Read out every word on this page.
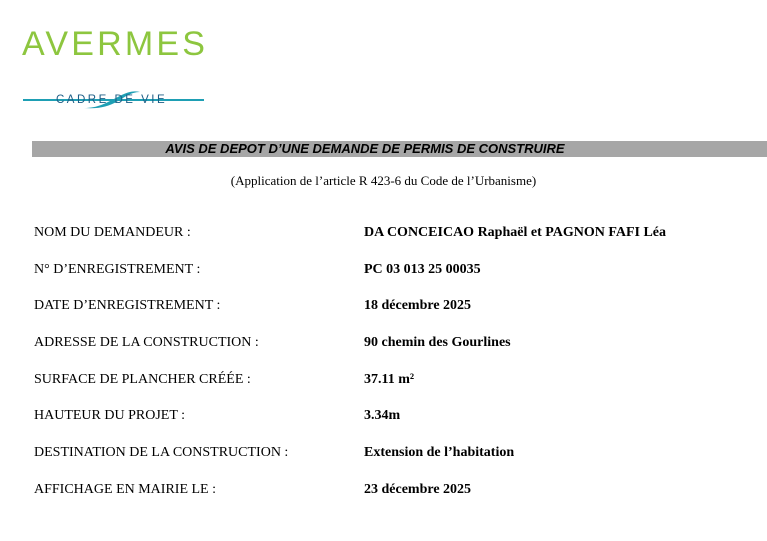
AVERMES
CADRE DE VIE
AVIS DE DEPOT D’UNE DEMANDE DE PERMIS DE CONSTRUIRE
(Application de l’article R 423-6 du Code de l’Urbanisme)
NOM DU DEMANDEUR :	DA CONCEICAO Raphaël et PAGNON FAFI Léa
N° D’ENREGISTREMENT :	PC 03 013 25 00035
DATE D’ENREGISTREMENT :	18 décembre 2025
ADRESSE DE LA CONSTRUCTION :	90 chemin des Gourlines
SURFACE DE PLANCHER CRÉÉE :	37.11 m²
HAUTEUR DU PROJET :	3.34m
DESTINATION DE LA CONSTRUCTION :	Extension de l’habitation
AFFICHAGE EN MAIRIE LE :	23 décembre 2025
